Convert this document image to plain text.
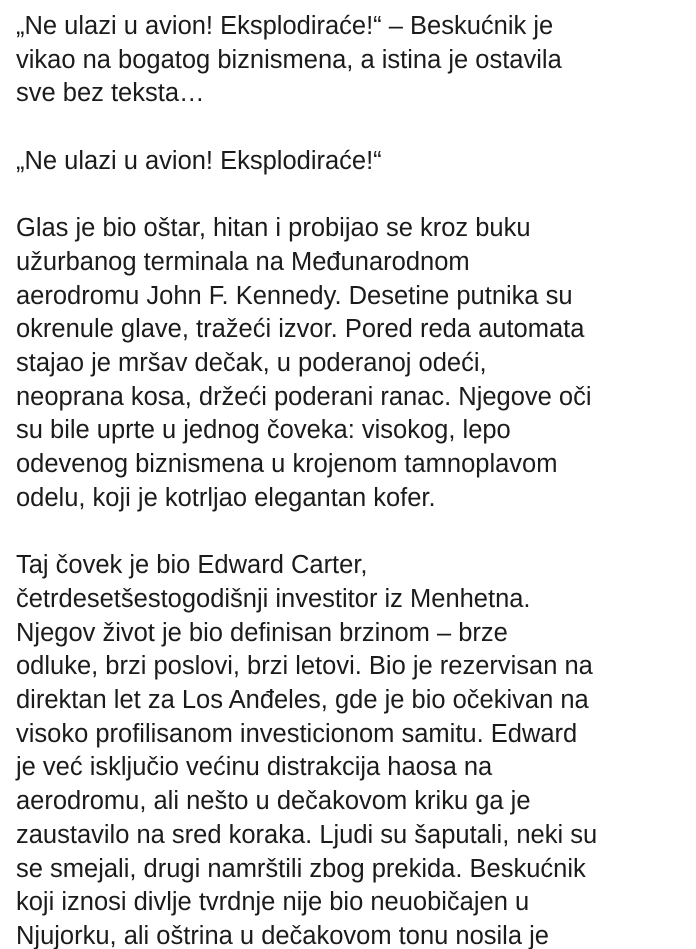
„Ne ulazi u avion! Eksplodiraće!“ – Beskućnik je
vikao na bogatog biznismena, a istina je ostavila
sve bez teksta…

„Ne ulazi u avion! Eksplodiraće!“

Glas je bio oštar, hitan i probijao se kroz buku
užurbanog terminala na Međunarodnom
aerodromu John F. Kennedy. Desetine putnika su
okrenule glave, tražeći izvor. Pored reda automata
stajao je mršav dečak, u poderanoj odeći,
neoprana kosa, držeći poderani ranac. Njegove oči
su bile uprte u jednog čoveka: visokog, lepo
odevenog biznismena u krojenom tamnoplavom
odelu, koji je kotrljao elegantan kofer.

Taj čovek je bio Edward Carter,
četrdesetšestogodišnji investitor iz Menhetna.
Njegov život je bio definisan brzinom – brze
odluke, brzi poslovi, brzi letovi. Bio je rezervisan na
direktan let za Los Anđeles, gde je bio očekivan na
visoko profilisanom investicionom samitu. Edward
je već isključio većinu distrakcija haosa na
aerodromu, ali nešto u dečakovom kriku ga je
zaustavilo na sred koraka. Ljudi su šaputali, neki su
se smejali, drugi namrštili zbog prekida. Beskućnik
koji iznosi divlje tvrdnje nije bio neuobičajen u
Njujorku, ali oštrina u dečakovom tonu nosila je
